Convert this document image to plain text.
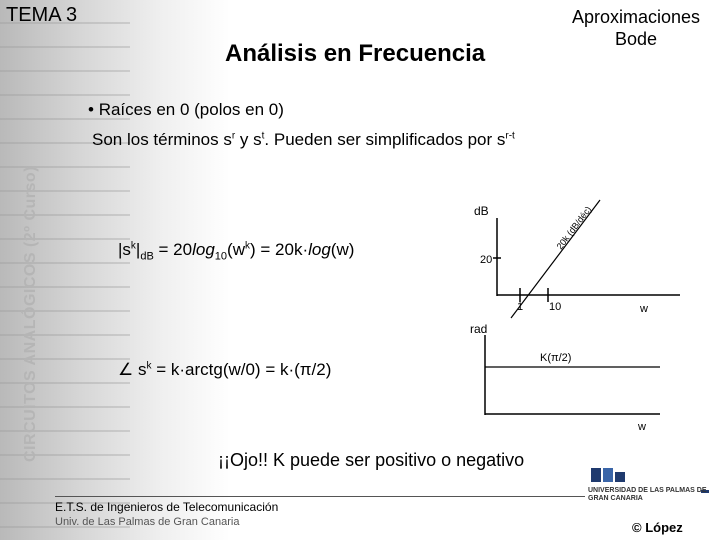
TEMA 3	Aproximaciones
Bode
Análisis en Frecuencia
CIRCUITOS ANALÓGICOS (2º Curso)
• Raíces en 0 (polos en 0)
Son los términos $s^r$ y $s^t$. Pueden ser simplificados por $s^{r-t}$
$|s^k|_{dB} = 20\log_{10}(w^k) = 20k\cdot\log(w)$
∠ $s^k$ = k·arctg(w/0) = k·(π/2)
dB
20
1 10	w
20k (dB/déc)
rad
K(π/2)
w
¡¡Ojo!! K puede ser positivo o negativo
E.T.S. de Ingenieros de Telecomunicación
Univ. de Las Palmas de Gran Canaria
UNIVERSIDAD DE LAS PALMAS DE GRAN CANARIA
© López
